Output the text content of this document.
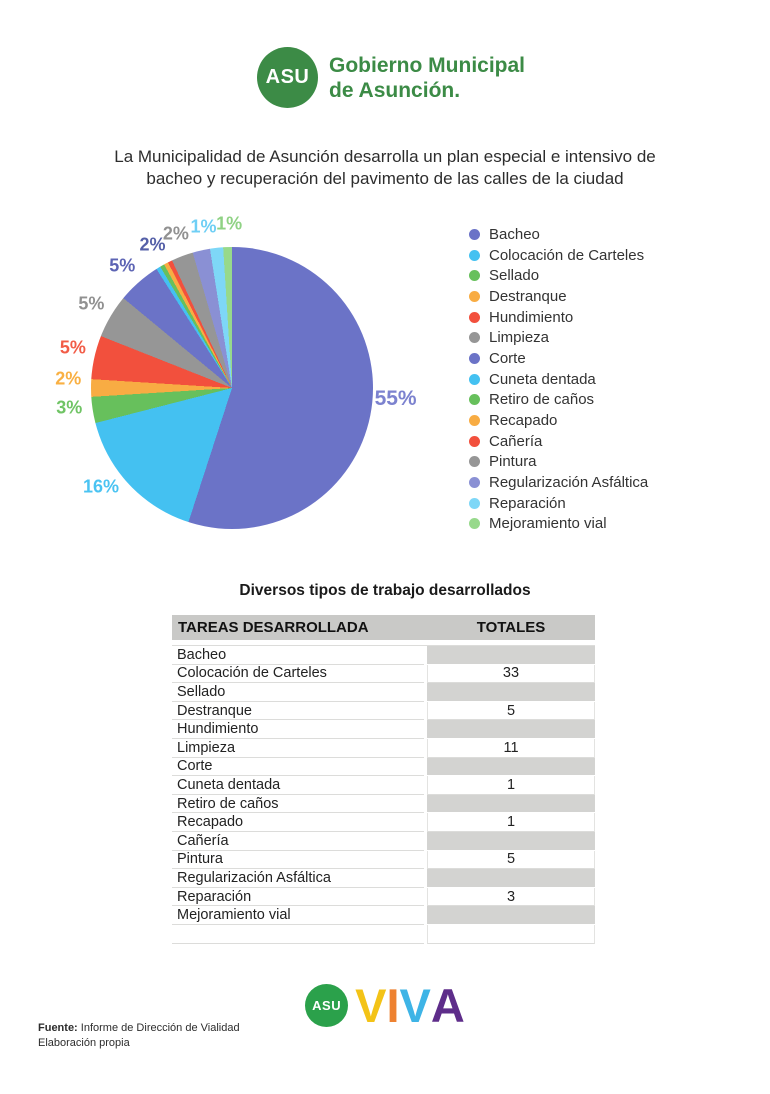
ASU
Gobierno Municipal
de Asunción.

La Municipalidad de Asunción desarrolla un plan especial e intensivo de
bacheo y recuperación del pavimento de las calles de la ciudad

55%
16%
3%
2%
5%
5%
5%
2%
2%
1% 1%
Bacheo
Colocación de Carteles
Sellado
Destranque
Hundimiento
Limpieza
Corte
Cuneta dentada
Retiro de caños
Recapado
Cañería
Pintura
Regularización Asfáltica
Reparación
Mejoramiento vial
Diversos tipos de trabajo desarrollados
TAREAS DESARROLLADA	TOTALES
Bacheo
Colocación de Carteles	33
Sellado
Destranque	5
Hundimiento
Limpieza	11
Corte
Cuneta dentada	1
Retiro de caños
Recapado	1
Cañería
Pintura	5
Regularización Asfáltica
Reparación	3
Mejoramiento vial
ASU V I V A

Fuente: Informe de Dirección de Vialidad
Elaboración propia
